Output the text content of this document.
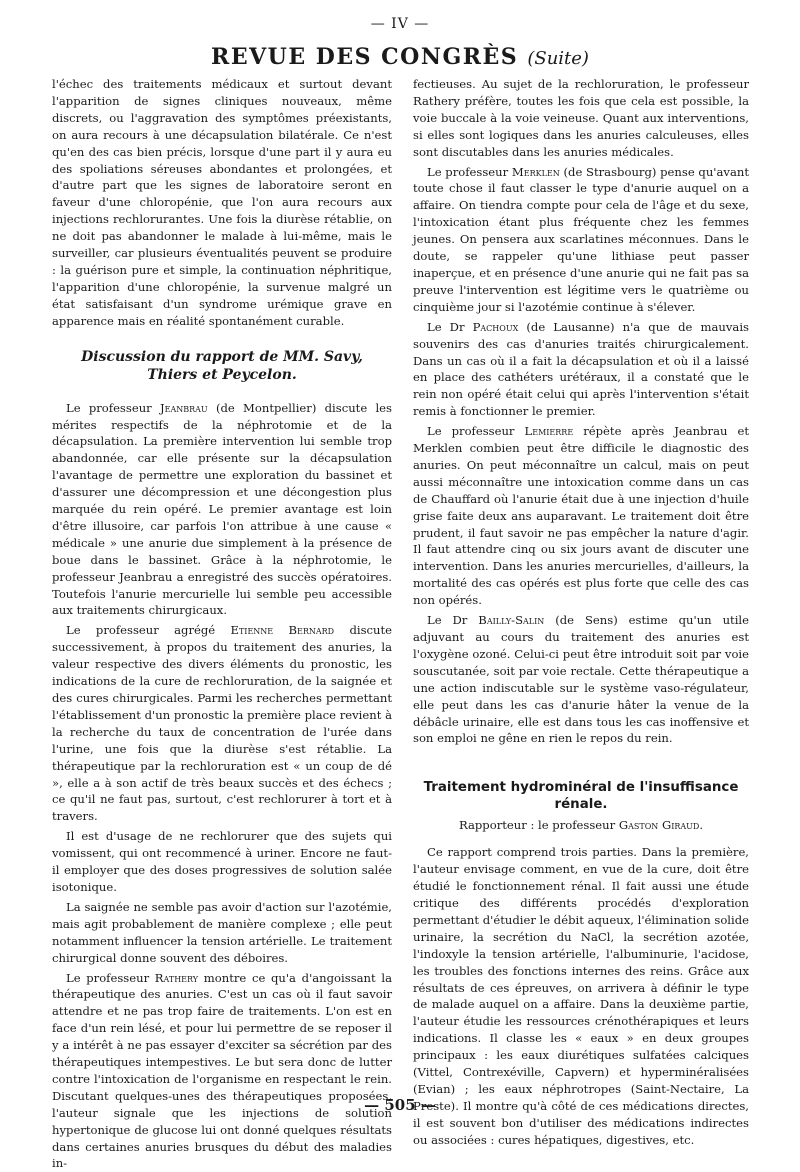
— IV —
REVUE DES CONGRÈS (Suite)

l'échec des traitements médicaux et surtout devant l'apparition de signes cliniques nouveaux, même discrets, ou l'aggravation des symptômes préexistants, on aura recours à une décapsulation bilatérale. Ce n'est qu'en des cas bien précis, lorsque d'une part il y aura eu des spoliations séreuses abondantes et prolongées, et d'autre part que les signes de laboratoire seront en faveur d'une chloropénie, que l'on aura recours aux injections rechlorurantes. Une fois la diurèse rétablie, on ne doit pas abandonner le malade à lui-même, mais le surveiller, car plusieurs éventualités peuvent se produire : la guérison pure et simple, la continuation néphritique, l'apparition d'une chloropénie, la survenue malgré un état satisfaisant d'un syndrome urémique grave en apparence mais en réalité spontanément curable.

Discussion du rapport de MM. Savy, Thiers et Peycelon.

Le professeur Jeanbrau (de Montpellier) discute les mérites respectifs de la néphrotomie et de la décapsulation. La première intervention lui semble trop abandonnée, car elle présente sur la décapsulation l'avantage de permettre une exploration du bassinet et d'assurer une décompression et une décongestion plus marquée du rein opéré. Le premier avantage est loin d'être illusoire, car parfois l'on attribue à une cause « médicale » une anurie due simplement à la présence de boue dans le bassinet. Grâce à la néphrotomie, le professeur Jeanbrau a enregistré des succès opératoires. Toutefois l'anurie mercurielle lui semble peu accessible aux traitements chirurgicaux.

Le professeur agrégé Etienne Bernard discute successivement, à propos du traitement des anuries, la valeur respective des divers éléments du pronostic, les indications de la cure de rechloruration, de la saignée et des cures chirurgicales. Parmi les recherches permettant l'établissement d'un pronostic la première place revient à la recherche du taux de concentration de l'urée dans l'urine, une fois que la diurèse s'est rétablie. La thérapeutique par la rechloruration est « un coup de dé », elle a à son actif de très beaux succès et des échecs ; ce qu'il ne faut pas, surtout, c'est rechlorurer à tort et à travers.

Il est d'usage de ne rechlorurer que des sujets qui vomissent, qui ont recommencé à uriner. Encore ne faut-il employer que des doses progressives de solution salée isotonique.

La saignée ne semble pas avoir d'action sur l'azotémie, mais agit probablement de manière complexe ; elle peut notamment influencer la tension artérielle. Le traitement chirurgical donne souvent des déboires.

Le professeur Rathery montre ce qu'a d'angoissant la thérapeutique des anuries. C'est un cas où il faut savoir attendre et ne pas trop faire de traitements. L'on est en face d'un rein lésé, et pour lui permettre de se reposer il y a intérêt à ne pas essayer d'exciter sa sécrétion par des thérapeutiques intempestives. Le but sera donc de lutter contre l'intoxication de l'organisme en respectant le rein. Discutant quelques-unes des thérapeutiques proposées, l'auteur signale que les injections de solution hypertonique de glucose lui ont donné quelques résultats dans certaines anuries brusques du début des maladies in-

fectieuses. Au sujet de la rechloruration, le professeur Rathery préfère, toutes les fois que cela est possible, la voie buccale à la voie veineuse. Quant aux interventions, si elles sont logiques dans les anuries calculeuses, elles sont discutables dans les anuries médicales.

Le professeur Merklen (de Strasbourg) pense qu'avant toute chose il faut classer le type d'anurie auquel on a affaire. On tiendra compte pour cela de l'âge et du sexe, l'intoxication étant plus fréquente chez les femmes jeunes. On pensera aux scarlatines méconnues. Dans le doute, se rappeler qu'une lithiase peut passer inaperçue, et en présence d'une anurie qui ne fait pas sa preuve l'intervention est légitime vers le quatrième ou cinquième jour si l'azotémie continue à s'élever.

Le Dr Pachoux (de Lausanne) n'a que de mauvais souvenirs des cas d'anuries traités chirurgicalement. Dans un cas où il a fait la décapsulation et où il a laissé en place des cathéters urétéraux, il a constaté que le rein non opéré était celui qui après l'intervention s'était remis à fonctionner le premier.

Le professeur Lemierre répète après Jeanbrau et Merklen combien peut être difficile le diagnostic des anuries. On peut méconnaître un calcul, mais on peut aussi méconnaître une intoxication comme dans un cas de Chauffard où l'anurie était due à une injection d'huile grise faite deux ans auparavant. Le traitement doit être prudent, il faut savoir ne pas empêcher la nature d'agir. Il faut attendre cinq ou six jours avant de discuter une intervention. Dans les anuries mercurielles, d'ailleurs, la mortalité des cas opérés est plus forte que celle des cas non opérés.

Le Dr Bailly-Salin (de Sens) estime qu'un utile adjuvant au cours du traitement des anuries est l'oxygène ozoné. Celui-ci peut être introduit soit par voie souscutanée, soit par voie rectale. Cette thérapeutique a une action indiscutable sur le système vaso-régulateur, elle peut dans les cas d'anurie hâter la venue de la débâcle urinaire, elle est dans tous les cas inoffensive et son emploi ne gêne en rien le repos du rein.

Traitement hydrominéral de l'insuffisance rénale.
Rapporteur : le professeur Gaston Giraud.

Ce rapport comprend trois parties. Dans la première, l'auteur envisage comment, en vue de la cure, doit être étudié le fonctionnement rénal. Il fait aussi une étude critique des différents procédés d'exploration permettant d'étudier le débit aqueux, l'élimination solide urinaire, la secrétion du NaCl, la secrétion azotée, l'indoxyle la tension artérielle, l'albuminurie, l'acidose, les troubles des fonctions internes des reins. Grâce aux résultats de ces épreuves, on arrivera à définir le type de malade auquel on a affaire. Dans la deuxième partie, l'auteur étudie les ressources crénothérapiques et leurs indications. Il classe les « eaux » en deux groupes principaux : les eaux diurétiques sulfatées calciques (Vittel, Contrexéville, Capvern) et hyperminéralisées (Evian) ; les eaux néphrotropes (Saint-Nectaire, La Preste). Il montre qu'à côté de ces médications directes, il est souvent bon d'utiliser des médications indirectes ou associées : cures hépatiques, digestives, etc.

— 505 —
